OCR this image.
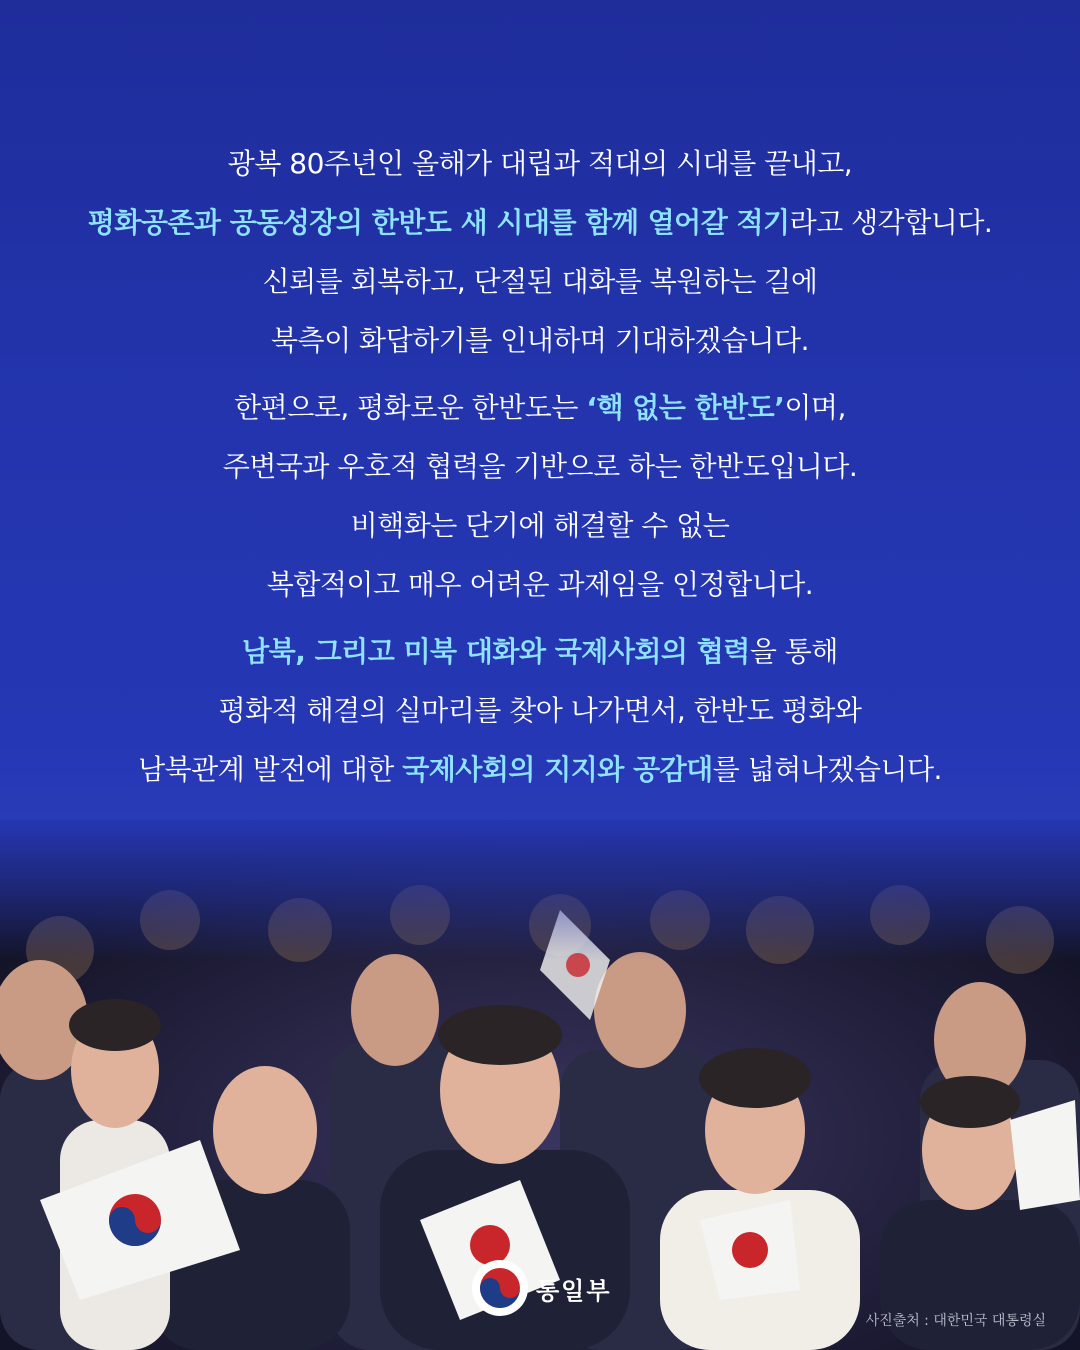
광복 80주년인 올해가 대립과 적대의 시대를 끝내고,
평화공존과 공동성장의 한반도 새 시대를 함께 열어갈 적기라고 생각합니다.
신뢰를 회복하고, 단절된 대화를 복원하는 길에
북측이 화답하기를 인내하며 기대하겠습니다.
한편으로, 평화로운 한반도는 ‘핵 없는 한반도’이며,
주변국과 우호적 협력을 기반으로 하는 한반도입니다.
비핵화는 단기에 해결할 수 없는
복합적이고 매우 어려운 과제임을 인정합니다.
남북, 그리고 미북 대화와 국제사회의 협력을 통해
평화적 해결의 실마리를 찾아 나가면서, 한반도 평화와
남북관계 발전에 대한 국제사회의 지지와 공감대를 넓혀나겠습니다.
통일부
사진출처 : 대한민국 대통령실
